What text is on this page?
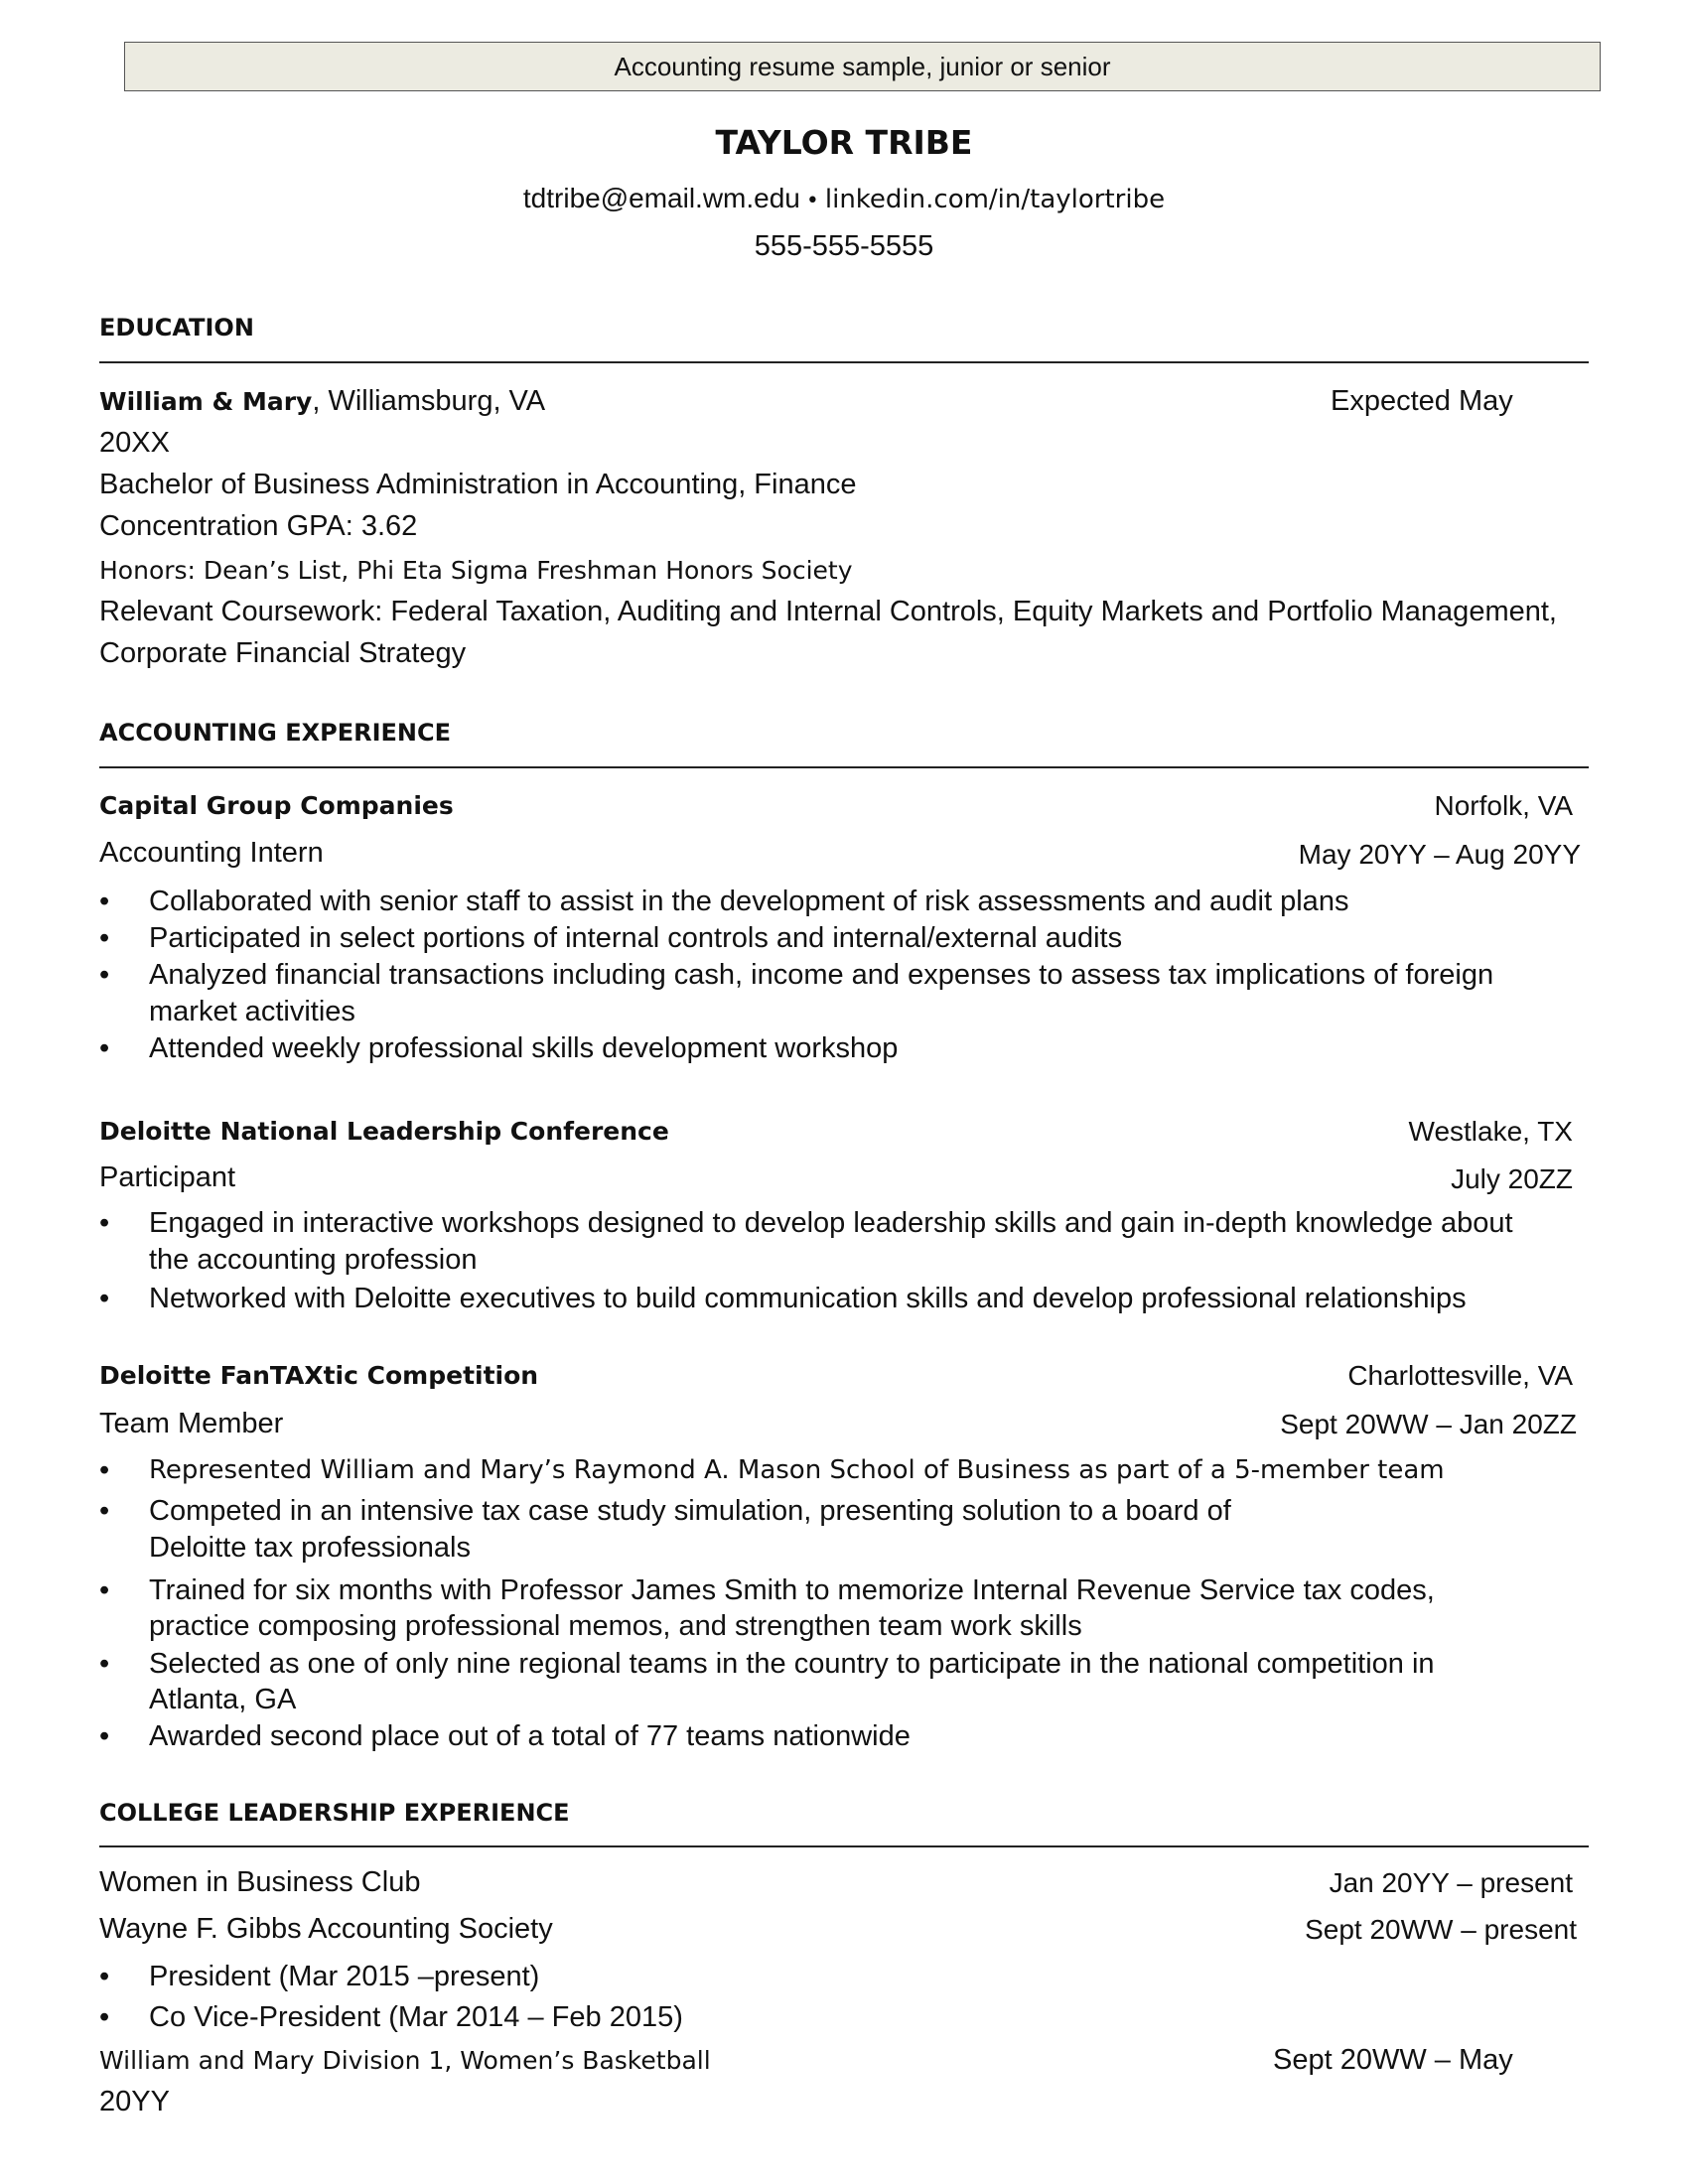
Accounting resume sample, junior or senior
TAYLOR TRIBE
tdtribe@email.wm.edu • linkedin.com/in/taylortribe
555-555-5555
EDUCATION
William & Mary, Williamsburg, VA	Expected May
20XX
Bachelor of Business Administration in Accounting, Finance
Concentration GPA: 3.62
Honors: Dean’s List, Phi Eta Sigma Freshman Honors Society
Relevant Coursework: Federal Taxation, Auditing and Internal Controls, Equity Markets and Portfolio Management,
Corporate Financial Strategy
ACCOUNTING EXPERIENCE
Capital Group Companies	Norfolk, VA
Accounting Intern	May 20YY – Aug 20YY
• Collaborated with senior staff to assist in the development of risk assessments and audit plans
• Participated in select portions of internal controls and internal/external audits
• Analyzed financial transactions including cash, income and expenses to assess tax implications of foreign
market activities
• Attended weekly professional skills development workshop
Deloitte National Leadership Conference	Westlake, TX
Participant	July 20ZZ
• Engaged in interactive workshops designed to develop leadership skills and gain in-depth knowledge about
the accounting profession
• Networked with Deloitte executives to build communication skills and develop professional relationships
Deloitte FanTAXtic Competition	Charlottesville, VA
Team Member	Sept 20WW – Jan 20ZZ
• Represented William and Mary’s Raymond A. Mason School of Business as part of a 5-member team
• Competed in an intensive tax case study simulation, presenting solution to a board of
Deloitte tax professionals
• Trained for six months with Professor James Smith to memorize Internal Revenue Service tax codes,
practice composing professional memos, and strengthen team work skills
• Selected as one of only nine regional teams in the country to participate in the national competition in
Atlanta, GA
• Awarded second place out of a total of 77 teams nationwide
COLLEGE LEADERSHIP EXPERIENCE
Women in Business Club	Jan 20YY – present
Wayne F. Gibbs Accounting Society	Sept 20WW – present
• President (Mar 2015 –present)
• Co Vice-President (Mar 2014 – Feb 2015)
William and Mary Division 1, Women’s Basketball	Sept 20WW – May
20YY
